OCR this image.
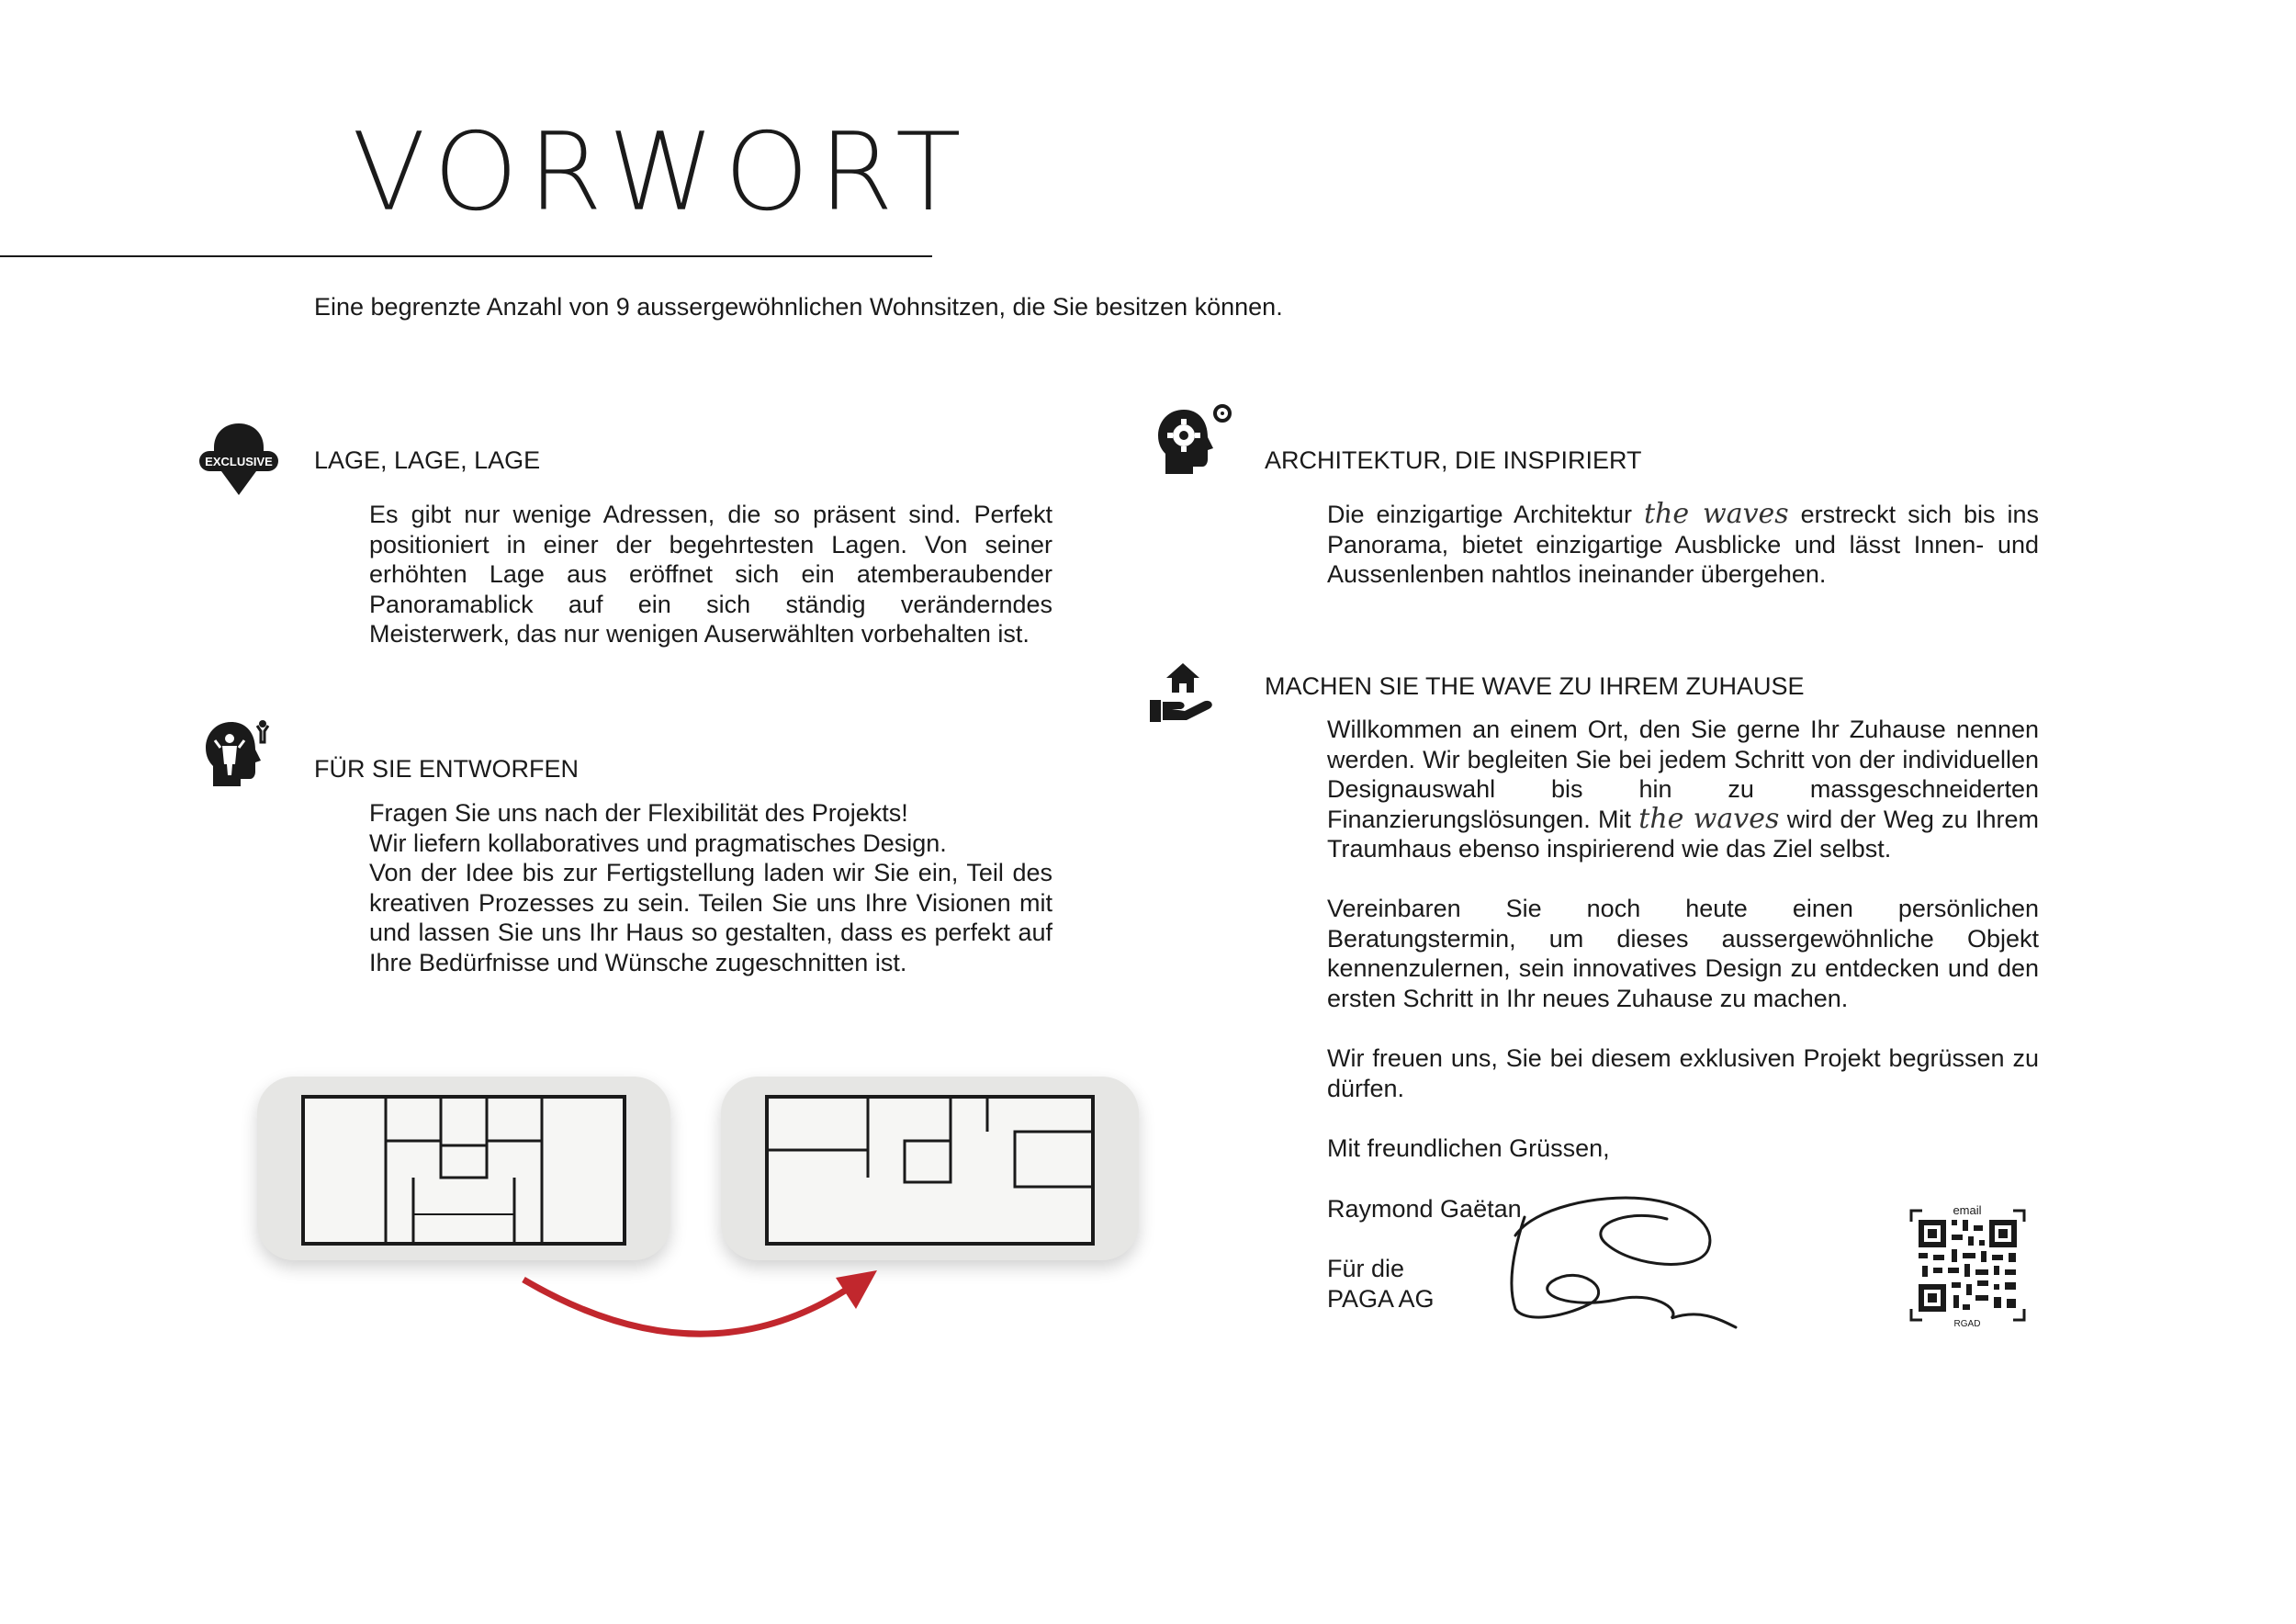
VORWORT
Eine begrenzte Anzahl von 9 aussergewöhnlichen Wohnsitzen, die Sie besitzen können.
EXCLUSIVE LAGE, LAGE, LAGE
Es gibt nur wenige Adressen, die so präsent sind. Perfekt positioniert in einer der begehrtesten Lagen. Von seiner erhöhten Lage aus eröffnet sich ein atemberaubender Panoramablick auf ein sich ständig veränderndes Meisterwerk, das nur wenigen Auserwählten vorbehalten ist.
FÜR SIE ENTWORFEN
Fragen Sie uns nach der Flexibilität des Projekts!
Wir liefern kollaboratives und pragmatisches Design.
Von der Idee bis zur Fertigstellung laden wir Sie ein, Teil des kreativen Prozesses zu sein. Teilen Sie uns Ihre Visionen mit und lassen Sie uns Ihr Haus so gestalten, dass es perfekt auf Ihre Bedürfnisse und Wünsche zugeschnitten ist.
ARCHITEKTUR, DIE INSPIRIERT
Die einzigartige Architektur the waves erstreckt sich bis ins Panorama, bietet einzigartige Ausblicke und lässt Innen- und Aussenlenben nahtlos ineinander übergehen.
MACHEN SIE THE WAVE ZU IHREM ZUHAUSE
Willkommen an einem Ort, den Sie gerne Ihr Zuhause nennen werden. Wir begleiten Sie bei jedem Schritt von der individuellen Designauswahl bis hin zu massgeschneiderten Finanzierungslösungen. Mit the waves wird der Weg zu Ihrem Traumhaus ebenso inspirierend wie das Ziel selbst.
Vereinbaren Sie noch heute einen persönlichen Beratungstermin, um dieses aussergewöhnliche Objekt kennenzulernen, sein innovatives Design zu entdecken und den ersten Schritt in Ihr neues Zuhause zu machen.
Wir freuen uns, Sie bei diesem exklusiven Projekt begrüssen zu dürfen.
Mit freundlichen Grüssen,
Raymond Gaëtan
Für die
PAGA AG
email
RGAD
